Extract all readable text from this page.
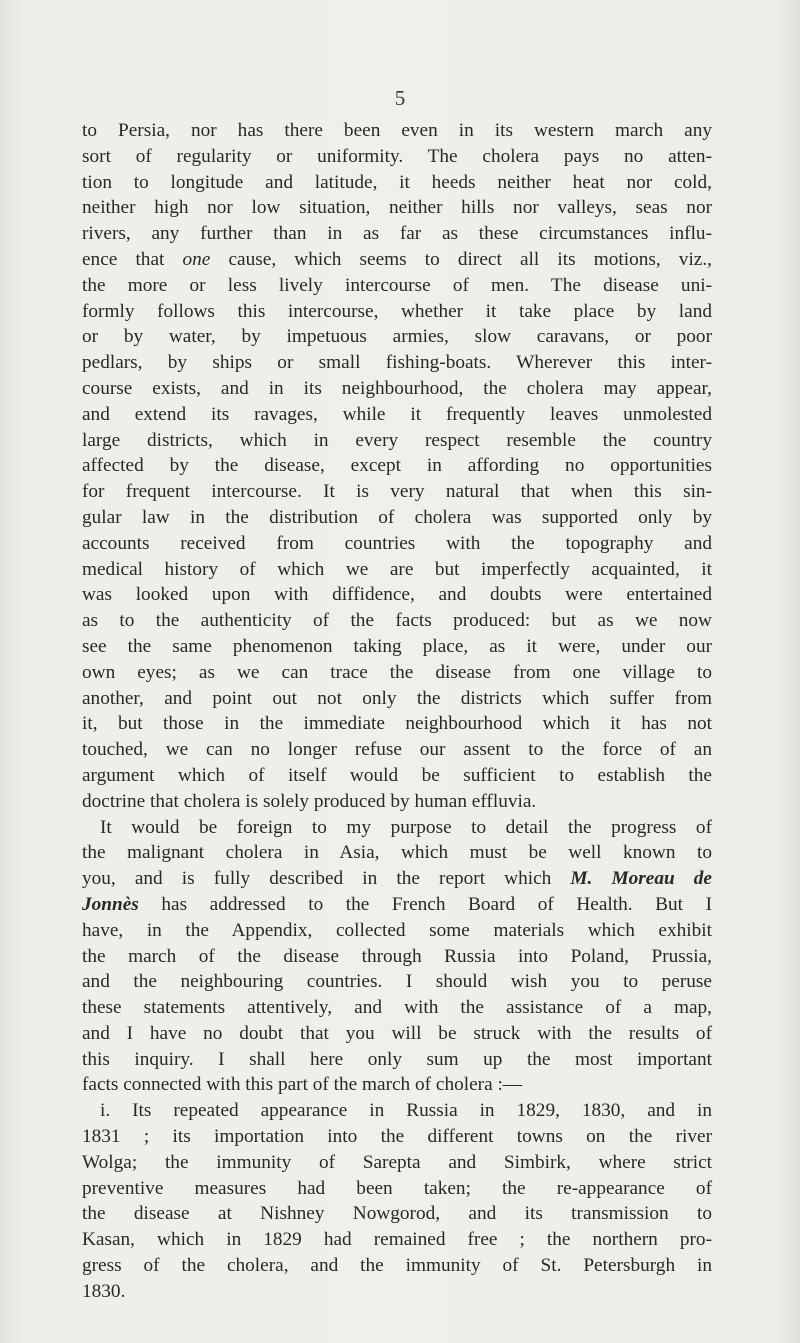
5
to Persia, nor has there been even in its western march any
sort of regularity or uniformity. The cholera pays no atten-
tion to longitude and latitude, it heeds neither heat nor cold,
neither high nor low situation, neither hills nor valleys, seas nor
rivers, any further than in as far as these circumstances influ-
ence that one cause, which seems to direct all its motions, viz.,
the more or less lively intercourse of men. The disease uni-
formly follows this intercourse, whether it take place by land
or by water, by impetuous armies, slow caravans, or poor
pedlars, by ships or small fishing-boats. Wherever this inter-
course exists, and in its neighbourhood, the cholera may appear,
and extend its ravages, while it frequently leaves unmolested
large districts, which in every respect resemble the country
affected by the disease, except in affording no opportunities
for frequent intercourse. It is very natural that when this sin-
gular law in the distribution of cholera was supported only by
accounts received from countries with the topography and
medical history of which we are but imperfectly acquainted, it
was looked upon with diffidence, and doubts were entertained
as to the authenticity of the facts produced: but as we now
see the same phenomenon taking place, as it were, under our
own eyes; as we can trace the disease from one village to
another, and point out not only the districts which suffer from
it, but those in the immediate neighbourhood which it has not
touched, we can no longer refuse our assent to the force of an
argument which of itself would be sufficient to establish the
doctrine that cholera is solely produced by human effluvia.
It would be foreign to my purpose to detail the progress of
the malignant cholera in Asia, which must be well known to
you, and is fully described in the report which M. Moreau de
Jonnès has addressed to the French Board of Health. But I
have, in the Appendix, collected some materials which exhibit
the march of the disease through Russia into Poland, Prussia,
and the neighbouring countries. I should wish you to peruse
these statements attentively, and with the assistance of a map,
and I have no doubt that you will be struck with the results of
this inquiry. I shall here only sum up the most important
facts connected with this part of the march of cholera :—
i. Its repeated appearance in Russia in 1829, 1830, and in
1831 ; its importation into the different towns on the river
Wolga; the immunity of Sarepta and Simbirk, where strict
preventive measures had been taken; the re-appearance of
the disease at Nishney Nowgorod, and its transmission to
Kasan, which in 1829 had remained free ; the northern pro-
gress of the cholera, and the immunity of St. Petersburgh in
1830.
